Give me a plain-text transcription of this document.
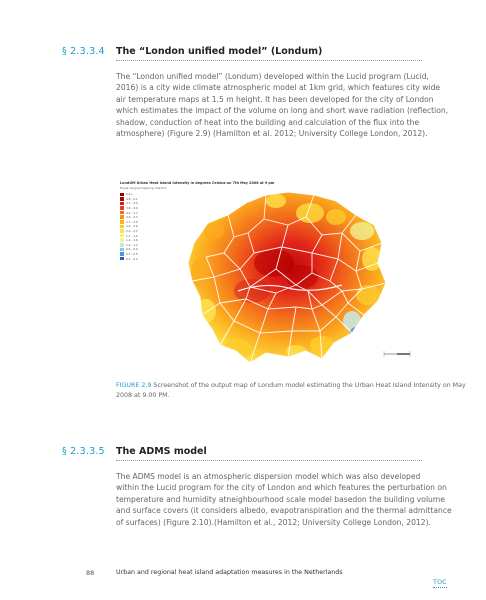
§ 2.3.3.4 The “London unified model” (Londum)

The “London unified model” (Londum) developed within the Lucid program (Lucid,

2016) is a city wide climate atmospheric model at 1km grid, which features city wide

air temperature maps at 1.5 m height. It has been developed for the city of London

which estimates the impact of the volume on long and short wave radiation (reflection,

shadow, conduction of heat into the building and calculation of the flux into the

atmosphere) (Figure 2.9) (Hamilton et al. 2012; University College London, 2012).

LondUM Urban Heat Island Intensity in degrees Celsius on 7th May 2008 at 9 pm
Equal ranges/mapping method
5.2+
4.8 - 5.1
4.1 - 4.4
3.8 - 4.0
3.4 - 3.7
3.0 - 3.3
2.7 - 3.0
2.4 - 2.6
2.0 - 2.3
1.7 - 1.9
1.4 - 1.6
1.0 - 1.2
0.6 - 0.9
0.3 - 0.5
0.1 - 0.2

FIGURE 2.9 Screenshot of the output map of Londum model estimating the Urban Heat Island Intensity on May

2008 at 9.00 PM.

§ 2.3.3.5 The ADMS model

The ADMS model is an atmospheric dispersion model which was also developed

within the Lucid program for the city of London and which features the perturbation on

temperature and humidity atneighbourhood scale model basedon the building volume

and surface covers (it considers albedo, evapotranspiration and the thermal admittance

of surfaces) (Figure 2.10).(Hamilton et al., 2012; University College London, 2012).

88	Urban and regional heat island adaptation measures in the Netherlands
TOC
